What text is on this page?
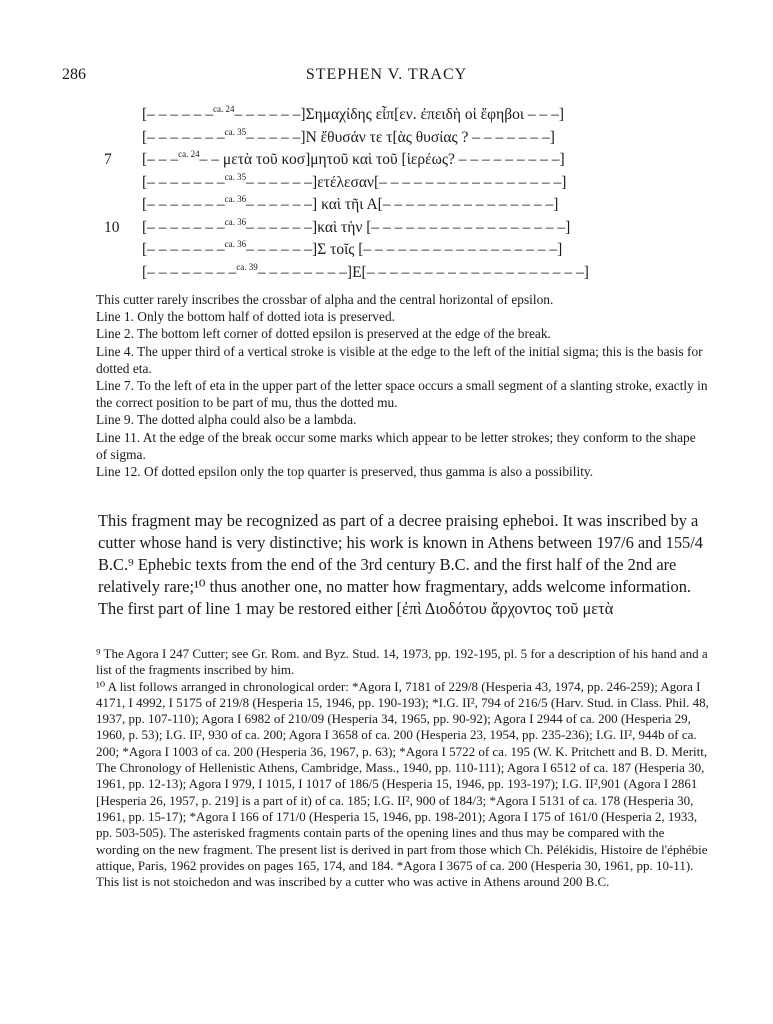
286	STEPHEN V. TRACY
[– – – – – –$^{ca. 24}$– – – – – –]Σημαχίδης εἶπ[εν. ἐπειδὴ οἱ ἔφηβοι – – –]
[– – – – – – –$^{ca. 35}$– – – – –]Ν ἔθυσάν τε τ[ὰς θυσίας ? – – – – – – –]
7	[– – –$^{ca. 24}$– – μετὰ τοῦ κοσ]μητοῦ καὶ τοῦ [ἱερέως? – – – – – – – – –]
[– – – – – – –$^{ca. 35}$– – – – – –]ετέλεσαν[– – – – – – – – – – – – – – – –]
[– – – – – – –$^{ca. 36}$– – – – – –] καὶ τῆι Α[– – – – – – – – – – – – – – –]
10	[– – – – – – –$^{ca. 36}$– – – – – –]καὶ τὴν [– – – – – – – – – – – – – – – – –]
[– – – – – – –$^{ca. 36}$– – – – – –]Σ τοῖς [– – – – – – – – – – – – – – – – –]
[– – – – – – – –$^{ca. 39}$– – – – – – – –]Ε[– – – – – – – – – – – – – – – – – – –]

This cutter rarely inscribes the crossbar of alpha and the central horizontal of epsilon.

Line 1. Only the bottom half of dotted iota is preserved.

Line 2. The bottom left corner of dotted epsilon is preserved at the edge of the break.

Line 4. The upper third of a vertical stroke is visible at the edge to the left of the initial sigma; this is the basis for dotted eta.

Line 7. To the left of eta in the upper part of the letter space occurs a small segment of a slanting stroke, exactly in the correct position to be part of mu, thus the dotted mu.

Line 9. The dotted alpha could also be a lambda.

Line 11. At the edge of the break occur some marks which appear to be letter strokes; they conform to the shape of sigma.

Line 12. Of dotted epsilon only the top quarter is preserved, thus gamma is also a possibility.

This fragment may be recognized as part of a decree praising epheboi. It was inscribed by a cutter whose hand is very distinctive; his work is known in Athens between 197/6 and 155/4 B.C.⁹ Ephebic texts from the end of the 3rd century B.C. and the first half of the 2nd are relatively rare;¹⁰ thus another one, no matter how fragmentary, adds welcome information.

The first part of line 1 may be restored either [ἐπὶ Διοδότου ἄρχοντος τοῦ μετὰ

⁹ The Agora I 247 Cutter; see Gr. Rom. and Byz. Stud. 14, 1973, pp. 192-195, pl. 5 for a description of his hand and a list of the fragments inscribed by him.

¹⁰ A list follows arranged in chronological order: *Agora I, 7181 of 229/8 (Hesperia 43, 1974, pp. 246-259); Agora I 4171, I 4992, I 5175 of 219/8 (Hesperia 15, 1946, pp. 190-193); *I.G. II², 794 of 216/5 (Harv. Stud. in Class. Phil. 48, 1937, pp. 107-110); Agora I 6982 of 210/09 (Hesperia 34, 1965, pp. 90-92); Agora I 2944 of ca. 200 (Hesperia 29, 1960, p. 53); I.G. II², 930 of ca. 200; Agora I 3658 of ca. 200 (Hesperia 23, 1954, pp. 235-236); I.G. II², 944b of ca. 200; *Agora I 1003 of ca. 200 (Hesperia 36, 1967, p. 63); *Agora I 5722 of ca. 195 (W. K. Pritchett and B. D. Meritt, The Chronology of Hellenistic Athens, Cambridge, Mass., 1940, pp. 110-111); Agora I 6512 of ca. 187 (Hesperia 30, 1961, pp. 12-13); Agora I 979, I 1015, I 1017 of 186/5 (Hesperia 15, 1946, pp. 193-197); I.G. II²,901 (Agora I 2861 [Hesperia 26, 1957, p. 219] is a part of it) of ca. 185; I.G. II², 900 of 184/3; *Agora I 5131 of ca. 178 (Hesperia 30, 1961, pp. 15-17); *Agora I 166 of 171/0 (Hesperia 15, 1946, pp. 198-201); Agora I 175 of 161/0 (Hesperia 2, 1933, pp. 503-505). The asterisked fragments contain parts of the opening lines and thus may be compared with the wording on the new fragment. The present list is derived in part from those which Ch. Pélékidis, Histoire de l'éphébie attique, Paris, 1962 provides on pages 165, 174, and 184. *Agora I 3675 of ca. 200 (Hesperia 30, 1961, pp. 10-11). This list is not stoichedon and was inscribed by a cutter who was active in Athens around 200 B.C.
